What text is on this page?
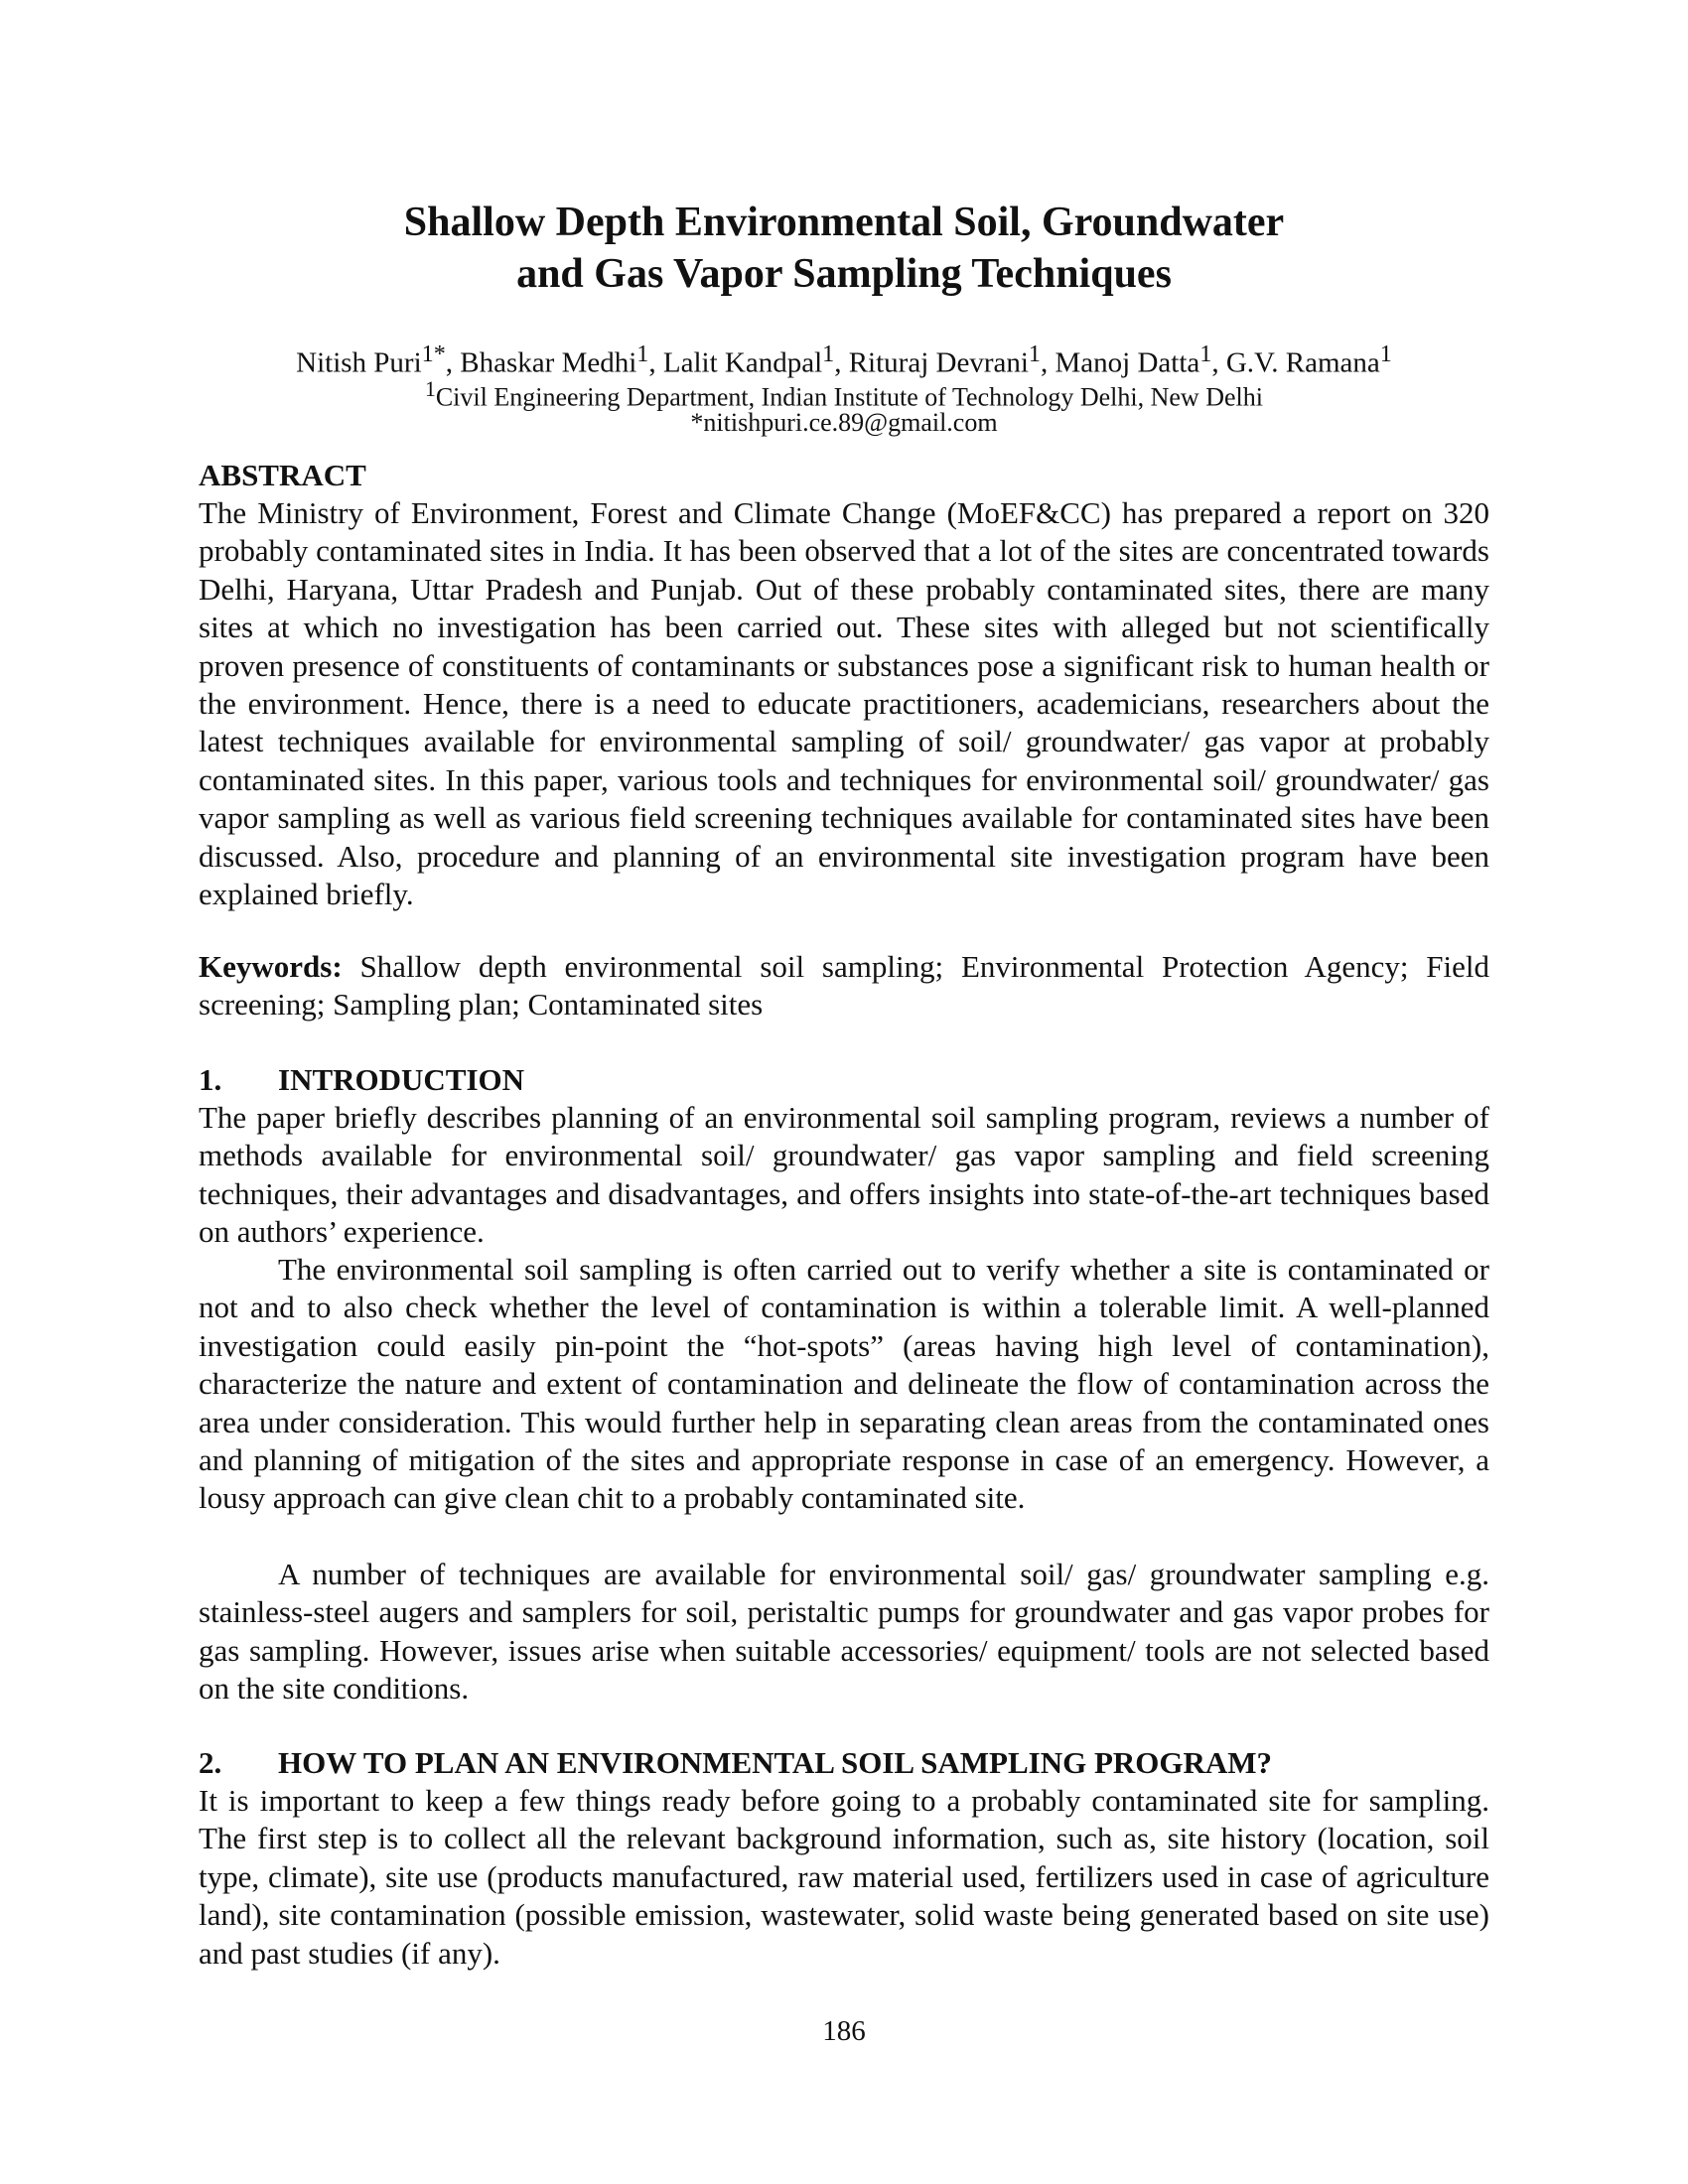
Shallow Depth Environmental Soil, Groundwater
and Gas Vapor Sampling Techniques

Nitish Puri$^{1*}$, Bhaskar Medhi$^1$, Lalit Kandpal$^1$, Rituraj Devrani$^1$, Manoj Datta$^1$, G.V. Ramana$^1$

$^1$Civil Engineering Department, Indian Institute of Technology Delhi, New Delhi

*nitishpuri.ce.89@gmail.com

ABSTRACT

The Ministry of Environment, Forest and Climate Change (MoEF&CC) has prepared a report on 320 probably contaminated sites in India. It has been observed that a lot of the sites are concentrated towards Delhi, Haryana, Uttar Pradesh and Punjab. Out of these probably contaminated sites, there are many sites at which no investigation has been carried out. These sites with alleged but not scientifically proven presence of constituents of contaminants or substances pose a significant risk to human health or the environment. Hence, there is a need to educate practitioners, academicians, researchers about the latest techniques available for environmental sampling of soil/ groundwater/ gas vapor at probably contaminated sites. In this paper, various tools and techniques for environmental soil/ groundwater/ gas vapor sampling as well as various field screening techniques available for contaminated sites have been discussed. Also, procedure and planning of an environmental site investigation program have been explained briefly.

Keywords: Shallow depth environmental soil sampling; Environmental Protection Agency; Field screening; Sampling plan; Contaminated sites

1. INTRODUCTION

The paper briefly describes planning of an environmental soil sampling program, reviews a number of methods available for environmental soil/ groundwater/ gas vapor sampling and field screening techniques, their advantages and disadvantages, and offers insights into state-of-the-art techniques based on authors’ experience.

The environmental soil sampling is often carried out to verify whether a site is contaminated or not and to also check whether the level of contamination is within a tolerable limit. A well-planned investigation could easily pin-point the “hot-spots” (areas having high level of contamination), characterize the nature and extent of contamination and delineate the flow of contamination across the area under consideration. This would further help in separating clean areas from the contaminated ones and planning of mitigation of the sites and appropriate response in case of an emergency. However, a lousy approach can give clean chit to a probably contaminated site.

A number of techniques are available for environmental soil/ gas/ groundwater sampling e.g. stainless-steel augers and samplers for soil, peristaltic pumps for groundwater and gas vapor probes for gas sampling. However, issues arise when suitable accessories/ equipment/ tools are not selected based on the site conditions.

2. HOW TO PLAN AN ENVIRONMENTAL SOIL SAMPLING PROGRAM?

It is important to keep a few things ready before going to a probably contaminated site for sampling. The first step is to collect all the relevant background information, such as, site history (location, soil type, climate), site use (products manufactured, raw material used, fertilizers used in case of agriculture land), site contamination (possible emission, wastewater, solid waste being generated based on site use) and past studies (if any).

186
